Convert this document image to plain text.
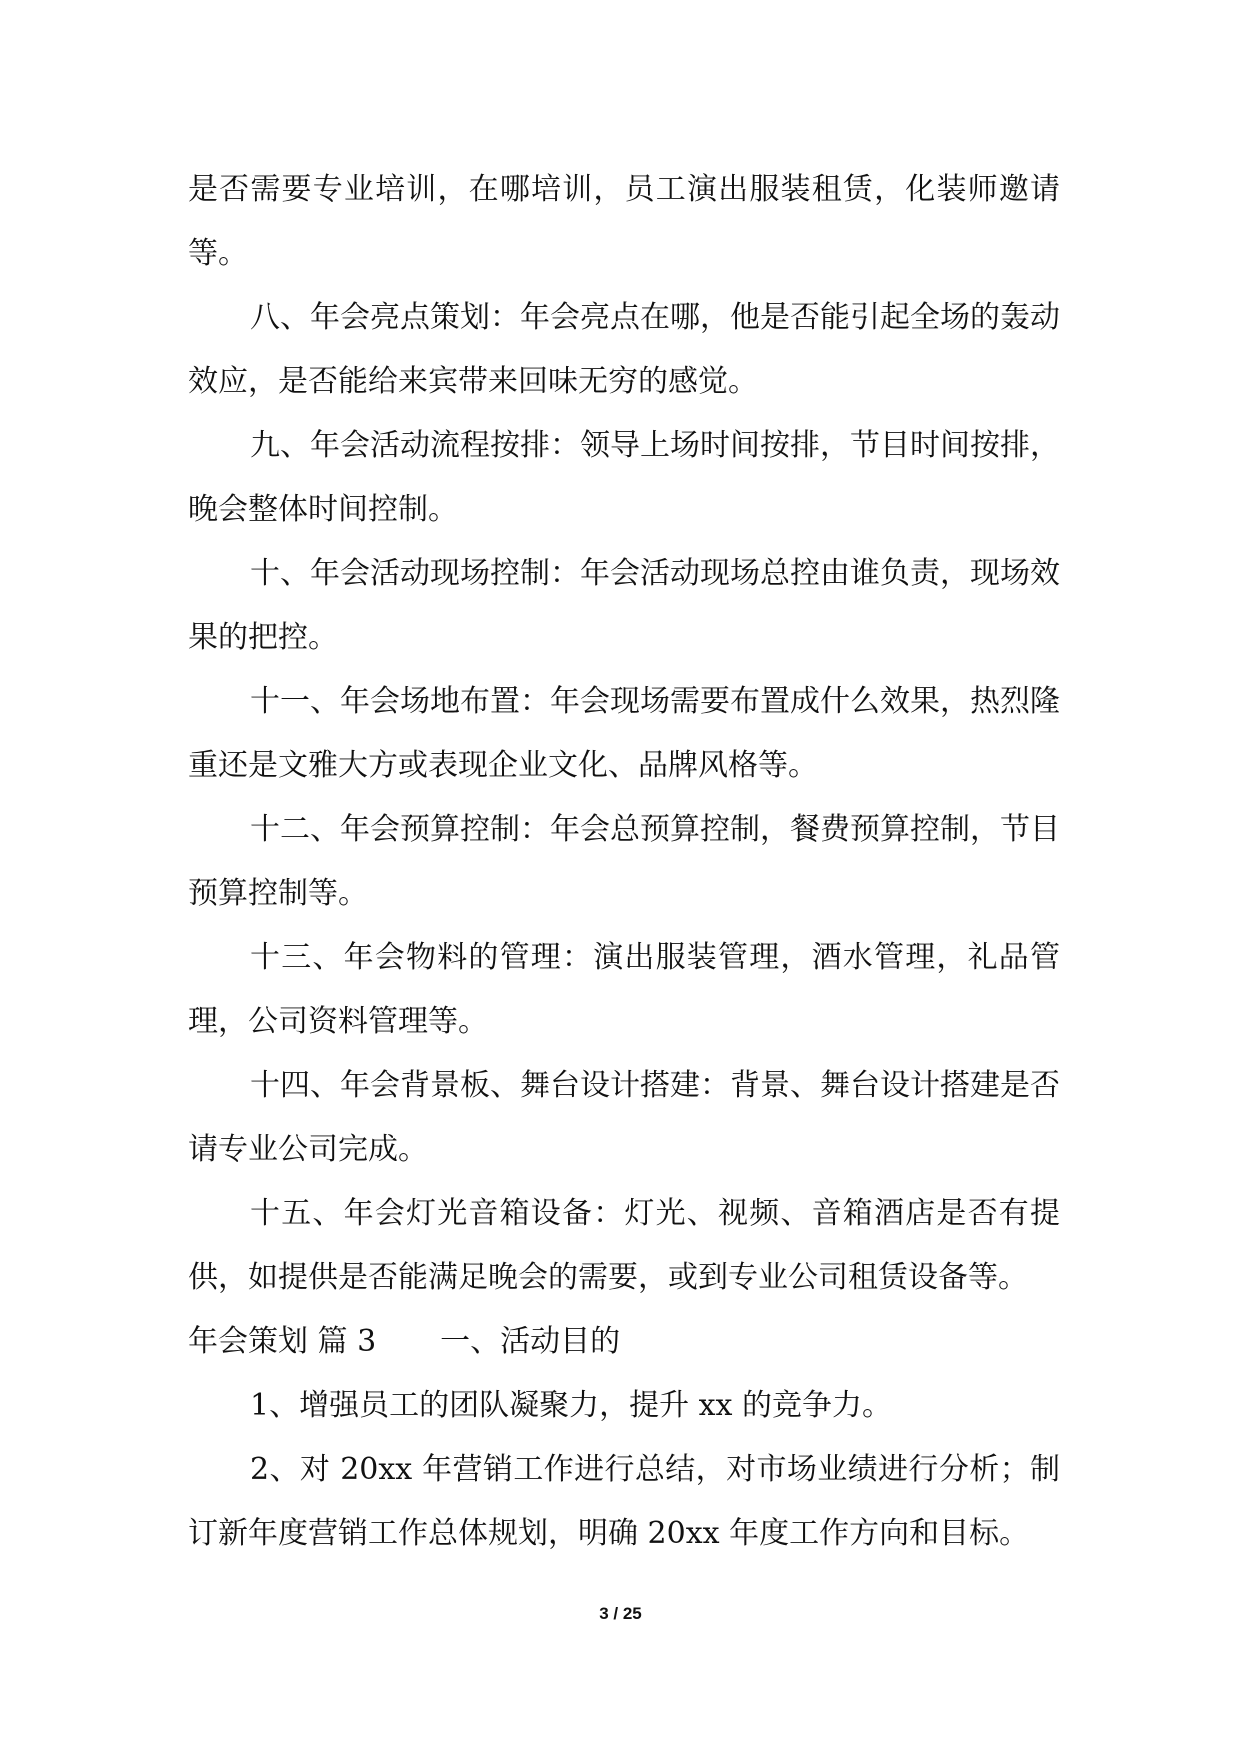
是否需要专业培训，在哪培训，员工演出服装租赁，化装师邀请等。

八、年会亮点策划：年会亮点在哪，他是否能引起全场的轰动效应，是否能给来宾带来回味无穷的感觉。

九、年会活动流程按排：领导上场时间按排，节目时间按排，晚会整体时间控制。

十、年会活动现场控制：年会活动现场总控由谁负责，现场效果的把控。

十一、年会场地布置：年会现场需要布置成什么效果，热烈隆重还是文雅大方或表现企业文化、品牌风格等。

十二、年会预算控制：年会总预算控制，餐费预算控制，节目预算控制等。

十三、年会物料的管理：演出服装管理，酒水管理，礼品管理，公司资料管理等。

十四、年会背景板、舞台设计搭建：背景、舞台设计搭建是否请专业公司完成。

十五、年会灯光音箱设备：灯光、视频、音箱酒店是否有提供，如提供是否能满足晚会的需要，或到专业公司租赁设备等。

年会策划 篇 3 一、活动目的

1、增强员工的团队凝聚力，提升 xx 的竞争力。

2、对 20xx 年营销工作进行总结，对市场业绩进行分析；制订新年度营销工作总体规划，明确 20xx 年度工作方向和目标。

3 / 25
